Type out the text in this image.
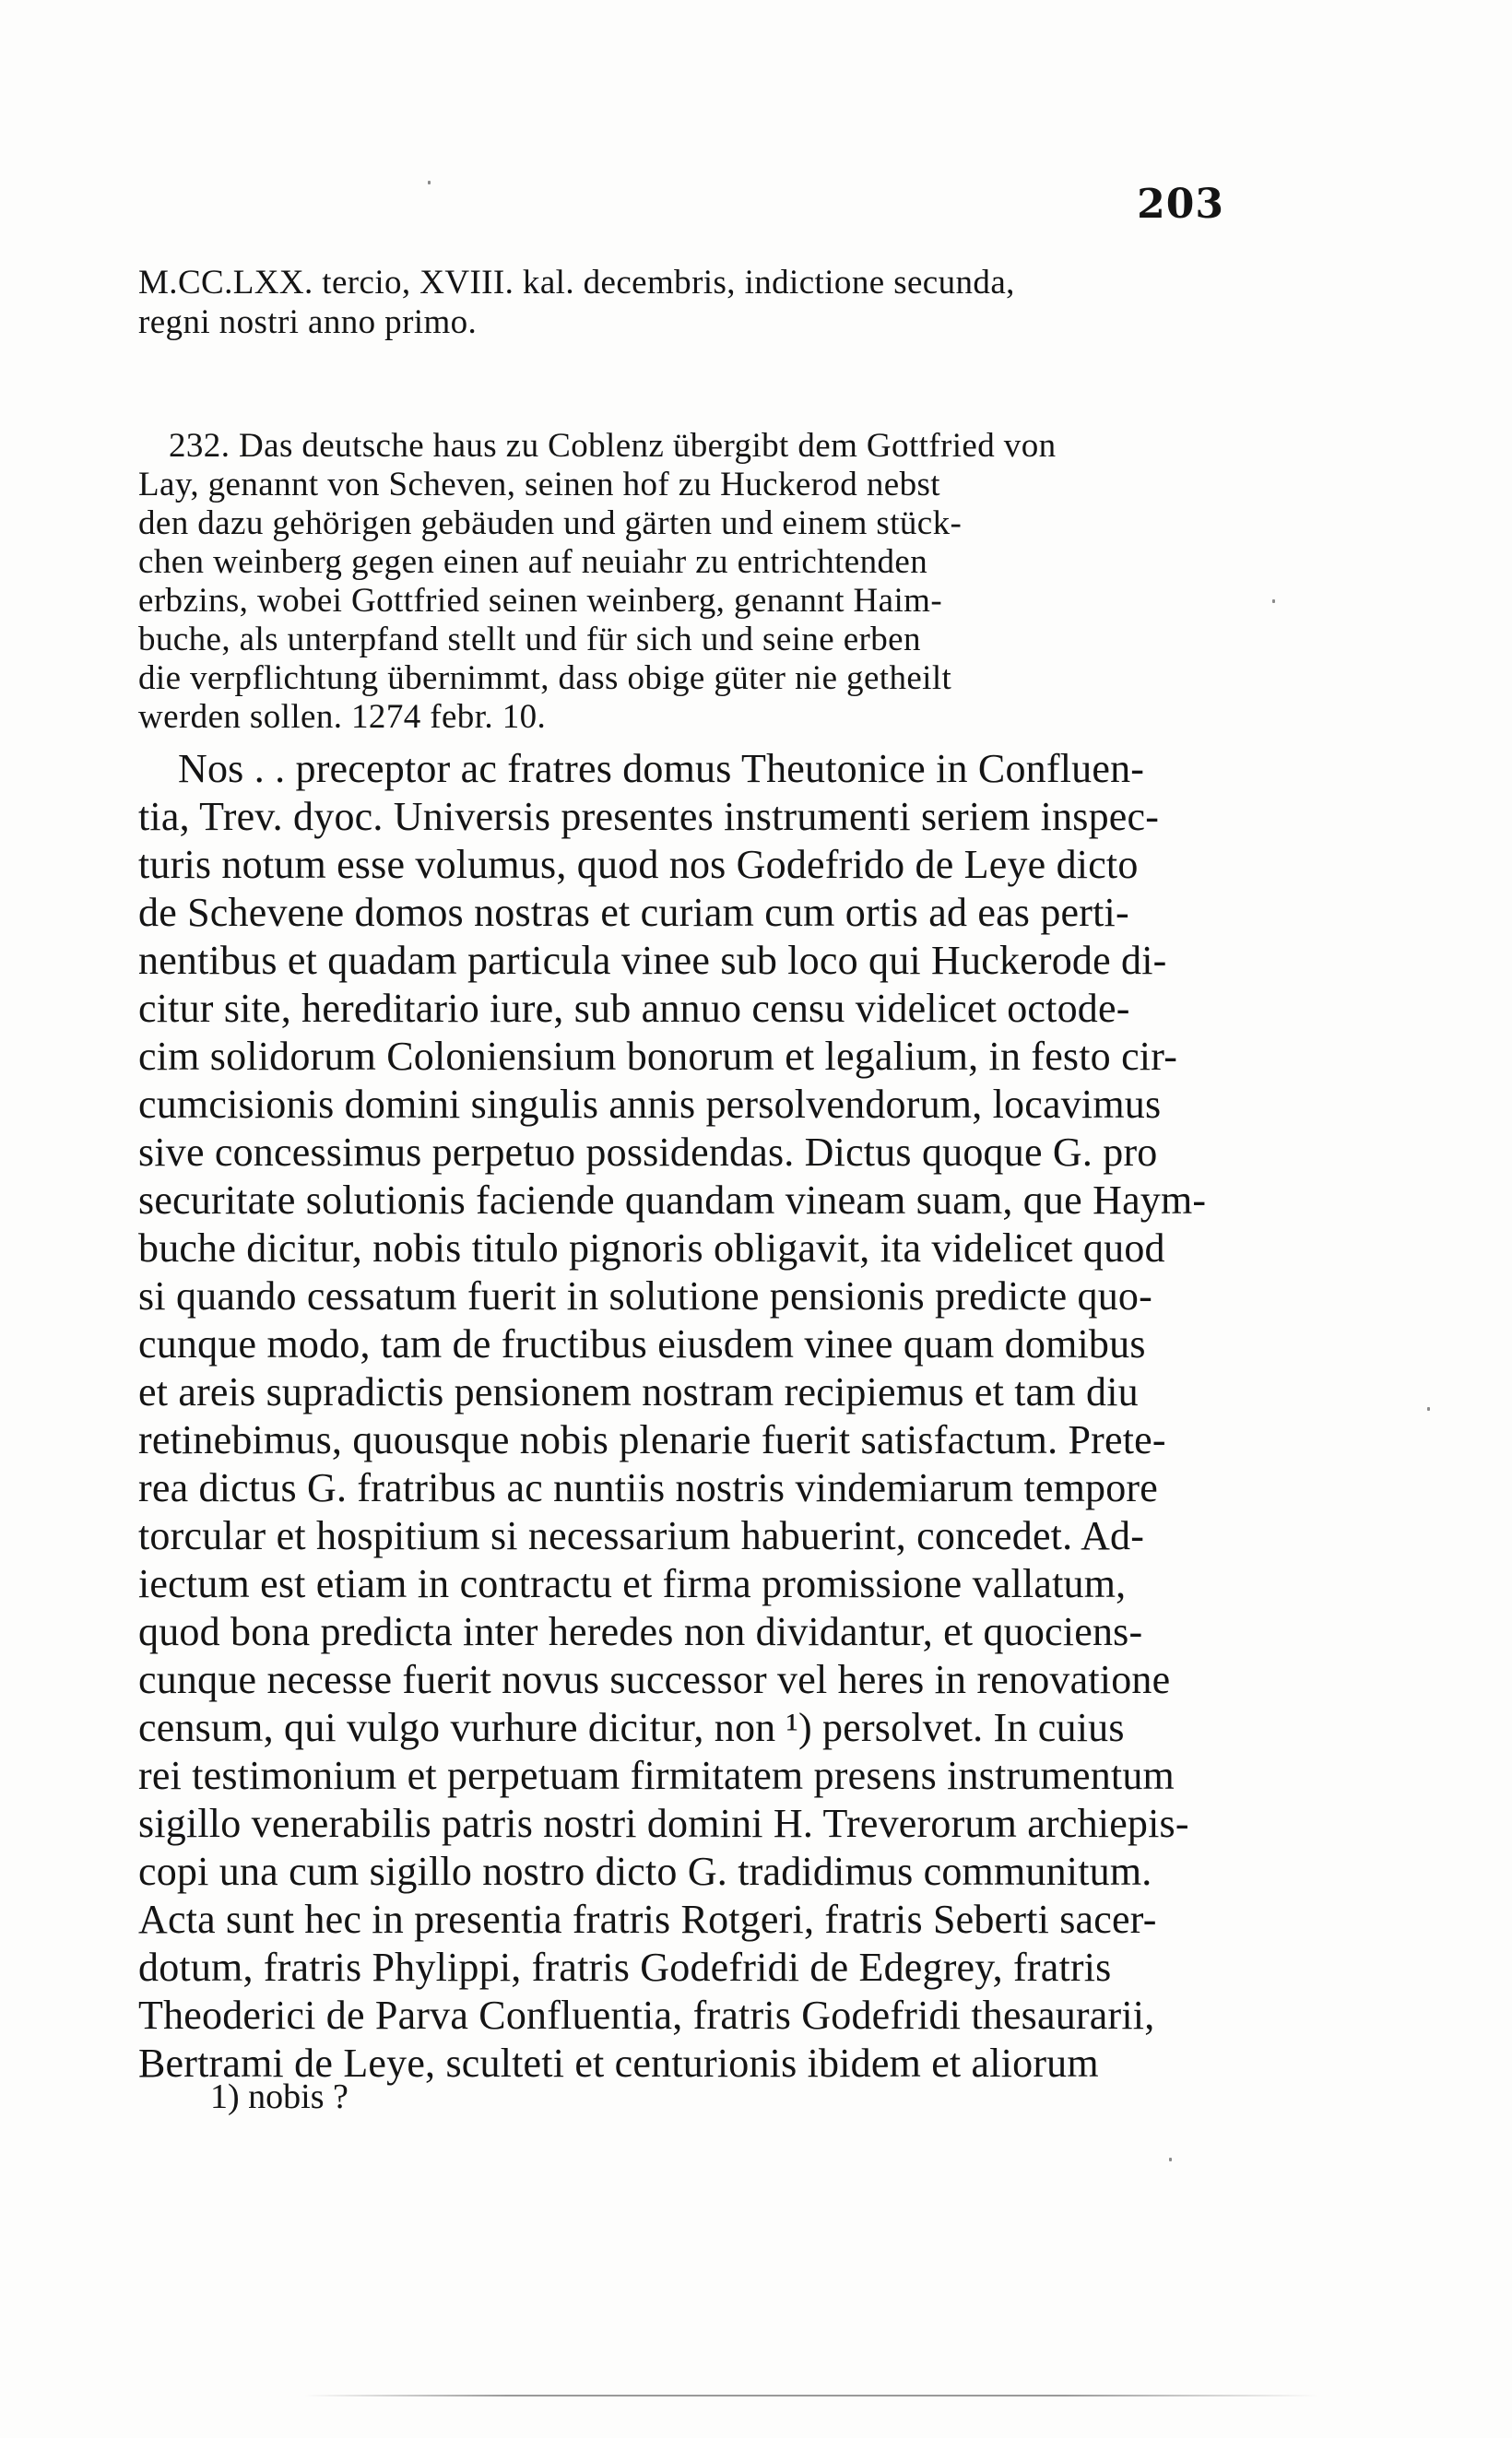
203
M.CC.LXX. tercio, XVIII. kal. decembris, indictione secunda,
regni nostri anno primo.
232. Das deutsche haus zu Coblenz übergibt dem Gottfried von
Lay, genannt von Scheven, seinen hof zu Huckerod nebst
den dazu gehörigen gebäuden und gärten und einem stück-
chen weinberg gegen einen auf neuiahr zu entrichtenden
erbzins, wobei Gottfried seinen weinberg, genannt Haim-
buche, als unterpfand stellt und für sich und seine erben
die verpflichtung übernimmt, dass obige güter nie getheilt
werden sollen. 1274 febr. 10.
Nos . . preceptor ac fratres domus Theutonice in Confluen-
tia, Trev. dyoc. Universis presentes instrumenti seriem inspec-
turis notum esse volumus, quod nos Godefrido de Leye dicto
de Schevene domos nostras et curiam cum ortis ad eas perti-
nentibus et quadam particula vinee sub loco qui Huckerode di-
citur site, hereditario iure, sub annuo censu videlicet octode-
cim solidorum Coloniensium bonorum et legalium, in festo cir-
cumcisionis domini singulis annis persolvendorum, locavimus
sive concessimus perpetuo possidendas. Dictus quoque G. pro
securitate solutionis faciende quandam vineam suam, que Haym-
buche dicitur, nobis titulo pignoris obligavit, ita videlicet quod
si quando cessatum fuerit in solutione pensionis predicte quo-
cunque modo, tam de fructibus eiusdem vinee quam domibus
et areis supradictis pensionem nostram recipiemus et tam diu
retinebimus, quousque nobis plenarie fuerit satisfactum. Prete-
rea dictus G. fratribus ac nuntiis nostris vindemiarum tempore
torcular et hospitium si necessarium habuerint, concedet. Ad-
iectum est etiam in contractu et firma promissione vallatum,
quod bona predicta inter heredes non dividantur, et quociens-
cunque necesse fuerit novus successor vel heres in renovatione
censum, qui vulgo vurhure dicitur, non ¹) persolvet. In cuius
rei testimonium et perpetuam firmitatem presens instrumentum
sigillo venerabilis patris nostri domini H. Treverorum archiepis-
copi una cum sigillo nostro dicto G. tradidimus communitum.
Acta sunt hec in presentia fratris Rotgeri, fratris Seberti sacer-
dotum, fratris Phylippi, fratris Godefridi de Edegrey, fratris
Theoderici de Parva Confluentia, fratris Godefridi thesaurarii,
Bertrami de Leye, sculteti et centurionis ibidem et aliorum
1) nobis ?
